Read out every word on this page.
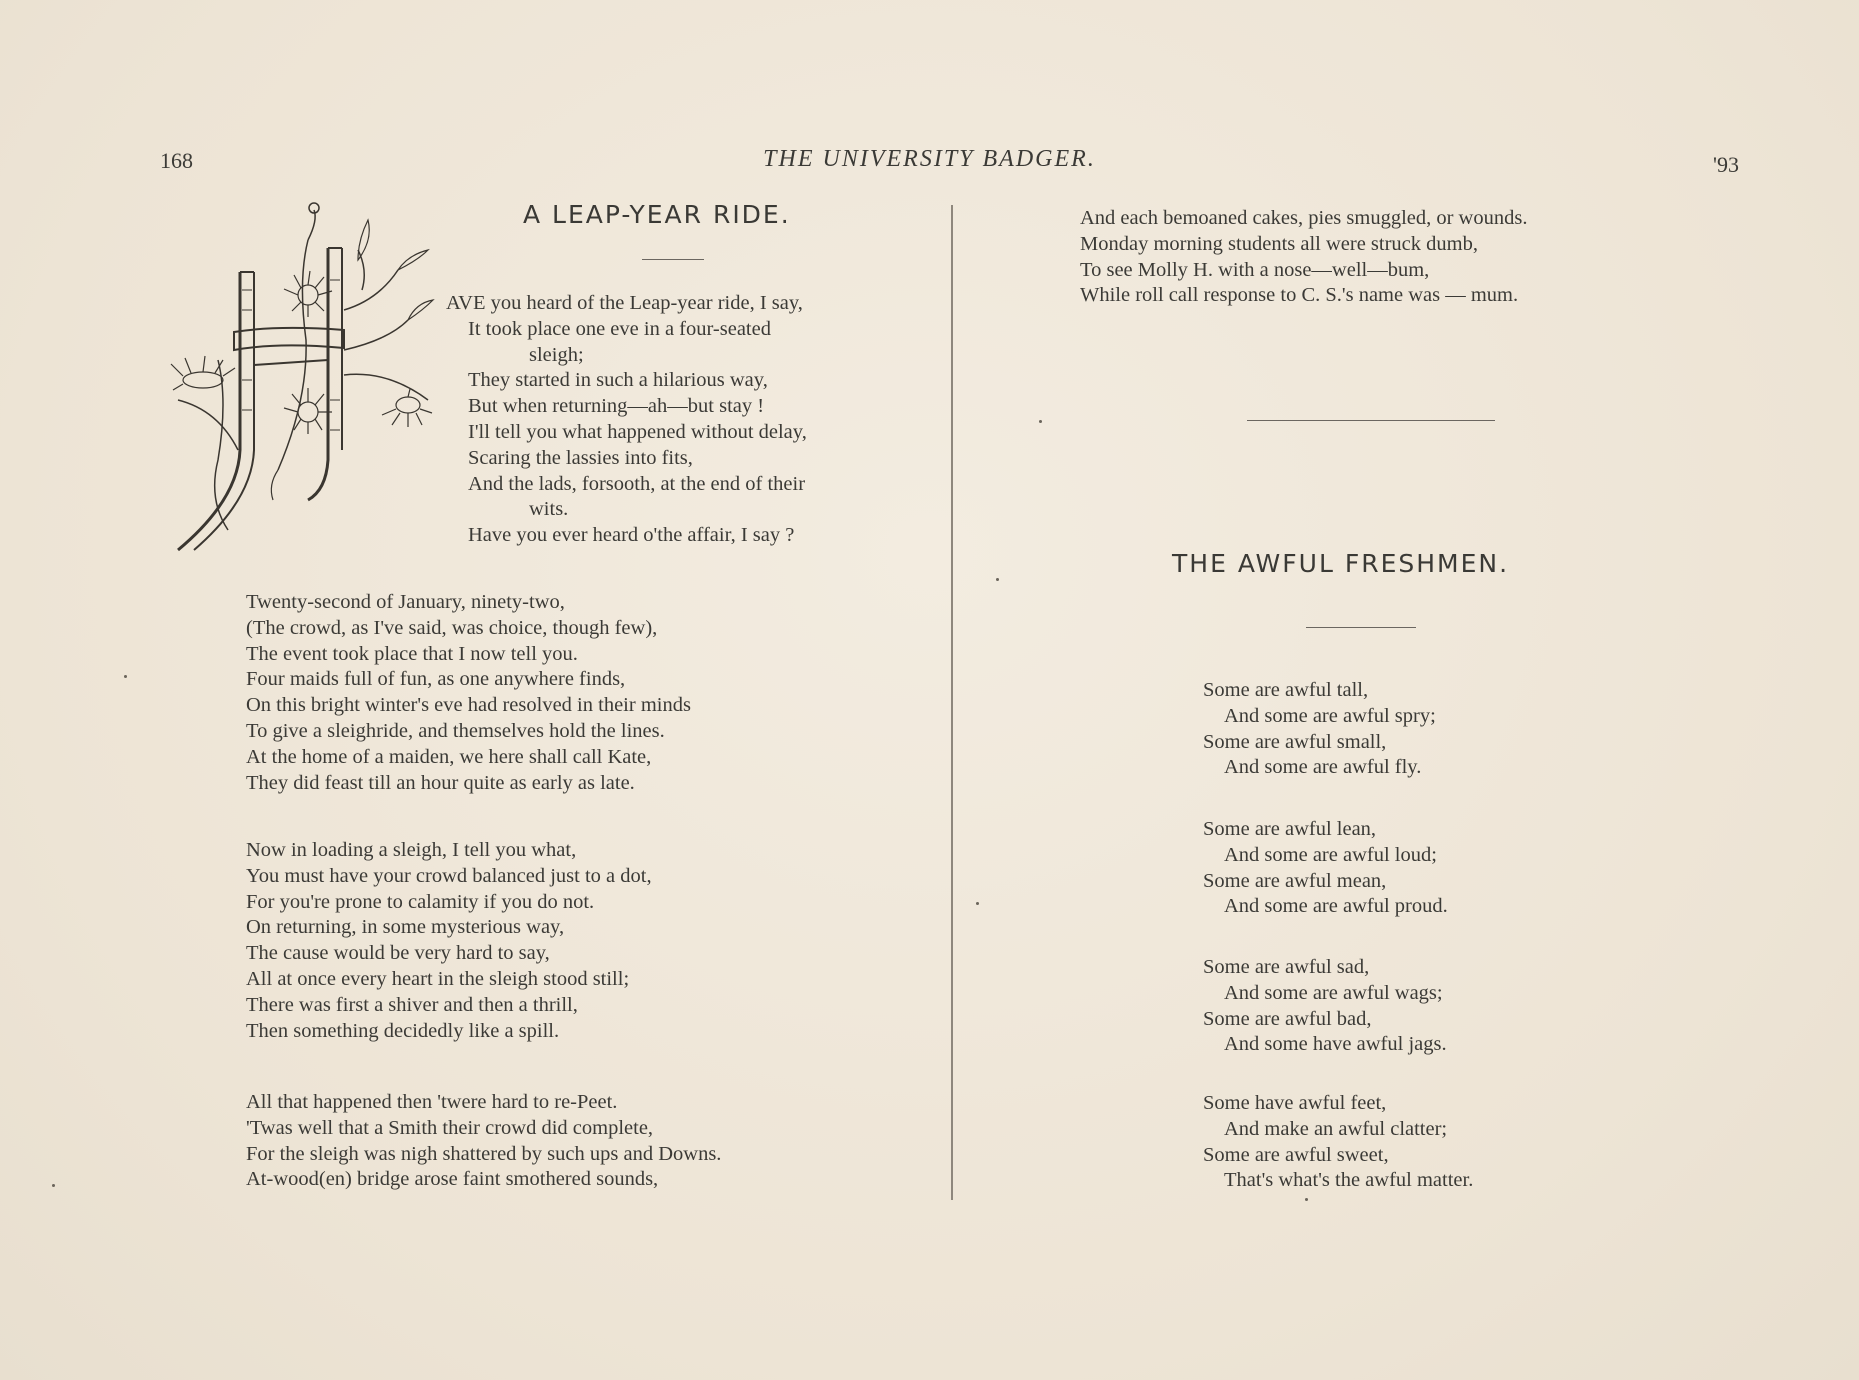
168	THE UNIVERSITY BADGER.	'93
A LEAP-YEAR RIDE.
AVE you heard of the Leap-year ride, I say,
It took place one eve in a four-seated
sleigh;
They started in such a hilarious way,
But when returning—ah—but stay !
I'll tell you what happened without delay,
Scaring the lassies into fits,
And the lads, forsooth, at the end of their
wits.
Have you ever heard o'the affair, I say ?
Twenty-second of January, ninety-two,
(The crowd, as I've said, was choice, though few),
The event took place that I now tell you.
Four maids full of fun, as one anywhere finds,
On this bright winter's eve had resolved in their minds
To give a sleighride, and themselves hold the lines.
At the home of a maiden, we here shall call Kate,
They did feast till an hour quite as early as late.
Now in loading a sleigh, I tell you what,
You must have your crowd balanced just to a dot,
For you're prone to calamity if you do not.
On returning, in some mysterious way,
The cause would be very hard to say,
All at once every heart in the sleigh stood still;
There was first a shiver and then a thrill,
Then something decidedly like a spill.
All that happened then 'twere hard to re-Peet.
'Twas well that a Smith their crowd did complete,
For the sleigh was nigh shattered by such ups and Downs.
At-wood(en) bridge arose faint smothered sounds,
And each bemoaned cakes, pies smuggled, or wounds.
Monday morning students all were struck dumb,
To see Molly H. with a nose—well—bum,
While roll call response to C. S.'s name was — mum.
THE AWFUL FRESHMEN.
Some are awful tall,
And some are awful spry;
Some are awful small,
And some are awful fly.
Some are awful lean,
And some are awful loud;
Some are awful mean,
And some are awful proud.
Some are awful sad,
And some are awful wags;
Some are awful bad,
And some have awful jags.
Some have awful feet,
And make an awful clatter;
Some are awful sweet,
That's what's the awful matter.
